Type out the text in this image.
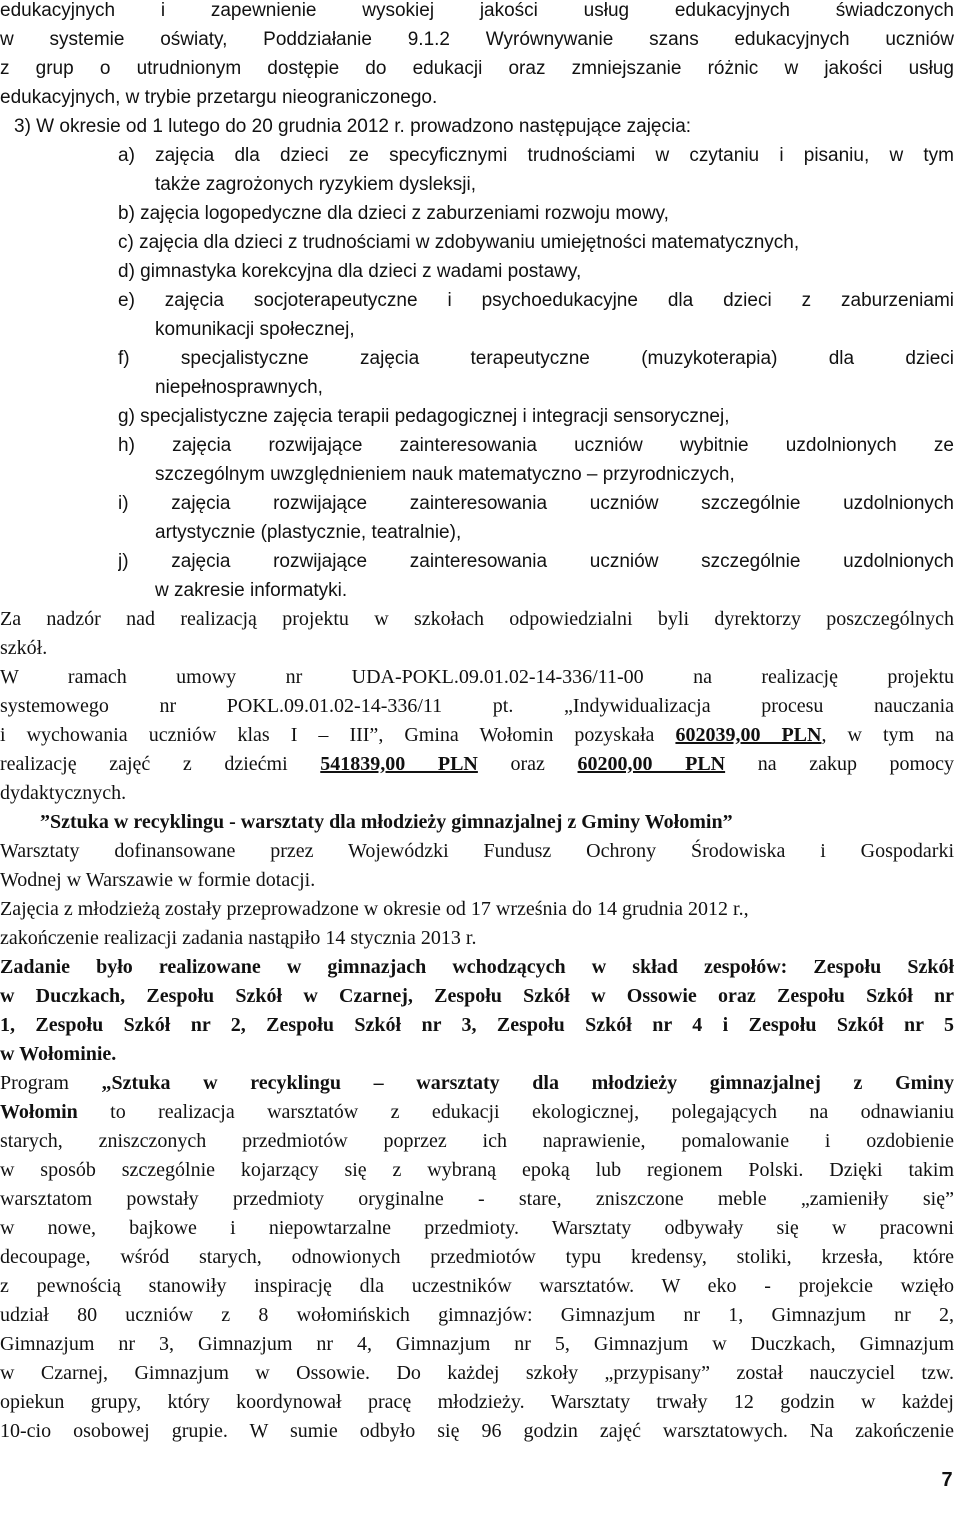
edukacyjnych i zapewnienie wysokiej jakości usług edukacyjnych świadczonych
w systemie oświaty, Poddziałanie 9.1.2 Wyrównywanie szans edukacyjnych uczniów
z grup o utrudnionym dostępie do edukacji oraz zmniejszanie różnic w jakości usług
edukacyjnych, w trybie przetargu nieograniczonego.
3) W okresie od 1 lutego do 20 grudnia 2012 r. prowadzono następujące zajęcia:
a) zajęcia dla dzieci ze specyficznymi trudnościami w czytaniu i pisaniu, w tym
także zagrożonych ryzykiem dysleksji,
b) zajęcia logopedyczne dla dzieci z zaburzeniami rozwoju mowy,
c) zajęcia dla dzieci z trudnościami w zdobywaniu umiejętności matematycznych,
d) gimnastyka korekcyjna dla dzieci z wadami postawy,
e) zajęcia socjoterapeutyczne i psychoedukacyjne dla dzieci z zaburzeniami
komunikacji społecznej,
f) specjalistyczne zajęcia terapeutyczne (muzykoterapia) dla dzieci
niepełnosprawnych,
g) specjalistyczne zajęcia terapii pedagogicznej i integracji sensorycznej,
h) zajęcia rozwijające zainteresowania uczniów wybitnie uzdolnionych ze
szczególnym uwzględnieniem nauk matematyczno – przyrodniczych,
i) zajęcia rozwijające zainteresowania uczniów szczególnie uzdolnionych
artystycznie (plastycznie, teatralnie),
j) zajęcia rozwijające zainteresowania uczniów szczególnie uzdolnionych
w zakresie informatyki.
Za nadzór nad realizacją projektu w szkołach odpowiedzialni byli dyrektorzy poszczególnych
szkół.
W ramach umowy nr UDA-POKL.09.01.02-14-336/11-00 na realizację projektu
systemowego nr POKL.09.01.02-14-336/11 pt. „Indywidualizacja procesu nauczania
i wychowania uczniów klas I – III”, Gmina Wołomin pozyskała 602039,00 PLN, w tym na
realizację zajęć z dziećmi 541839,00 PLN oraz 60200,00 PLN na zakup pomocy
dydaktycznych.
”Sztuka w recyklingu - warsztaty dla młodzieży gimnazjalnej z Gminy Wołomin”
Warsztaty dofinansowane przez Wojewódzki Fundusz Ochrony Środowiska i Gospodarki
Wodnej w Warszawie w formie dotacji.
Zajęcia z młodzieżą zostały przeprowadzone w okresie od 17 września do 14 grudnia 2012 r.,
zakończenie realizacji zadania nastąpiło 14 stycznia 2013 r.
Zadanie było realizowane w gimnazjach wchodzących w skład zespołów: Zespołu Szkół
w Duczkach, Zespołu Szkół w Czarnej, Zespołu Szkół w Ossowie oraz Zespołu Szkół nr
1, Zespołu Szkół nr 2, Zespołu Szkół nr 3, Zespołu Szkół nr 4 i Zespołu Szkół nr 5
w Wołominie.
Program „Sztuka w recyklingu – warsztaty dla młodzieży gimnazjalnej z Gminy
Wołomin to realizacja warsztatów z edukacji ekologicznej, polegających na odnawianiu
starych, zniszczonych przedmiotów poprzez ich naprawienie, pomalowanie i ozdobienie
w sposób szczególnie kojarzący się z wybraną epoką lub regionem Polski. Dzięki takim
warsztatom powstały przedmioty oryginalne - stare, zniszczone meble „zamieniły się”
w nowe, bajkowe i niepowtarzalne przedmioty. Warsztaty odbywały się w pracowni
decoupage, wśród starych, odnowionych przedmiotów typu kredensy, stoliki, krzesła, które
z pewnością stanowiły inspirację dla uczestników warsztatów. W eko - projekcie wzięło
udział 80 uczniów z 8 wołomińskich gimnazjów: Gimnazjum nr 1, Gimnazjum nr 2,
Gimnazjum nr 3, Gimnazjum nr 4, Gimnazjum nr 5, Gimnazjum w Duczkach, Gimnazjum
w Czarnej, Gimnazjum w Ossowie. Do każdej szkoły „przypisany” został nauczyciel tzw.
opiekun grupy, który koordynował pracę młodzieży. Warsztaty trwały 12 godzin w każdej
10-cio osobowej grupie. W sumie odbyło się 96 godzin zajęć warsztatowych. Na zakończenie
7
